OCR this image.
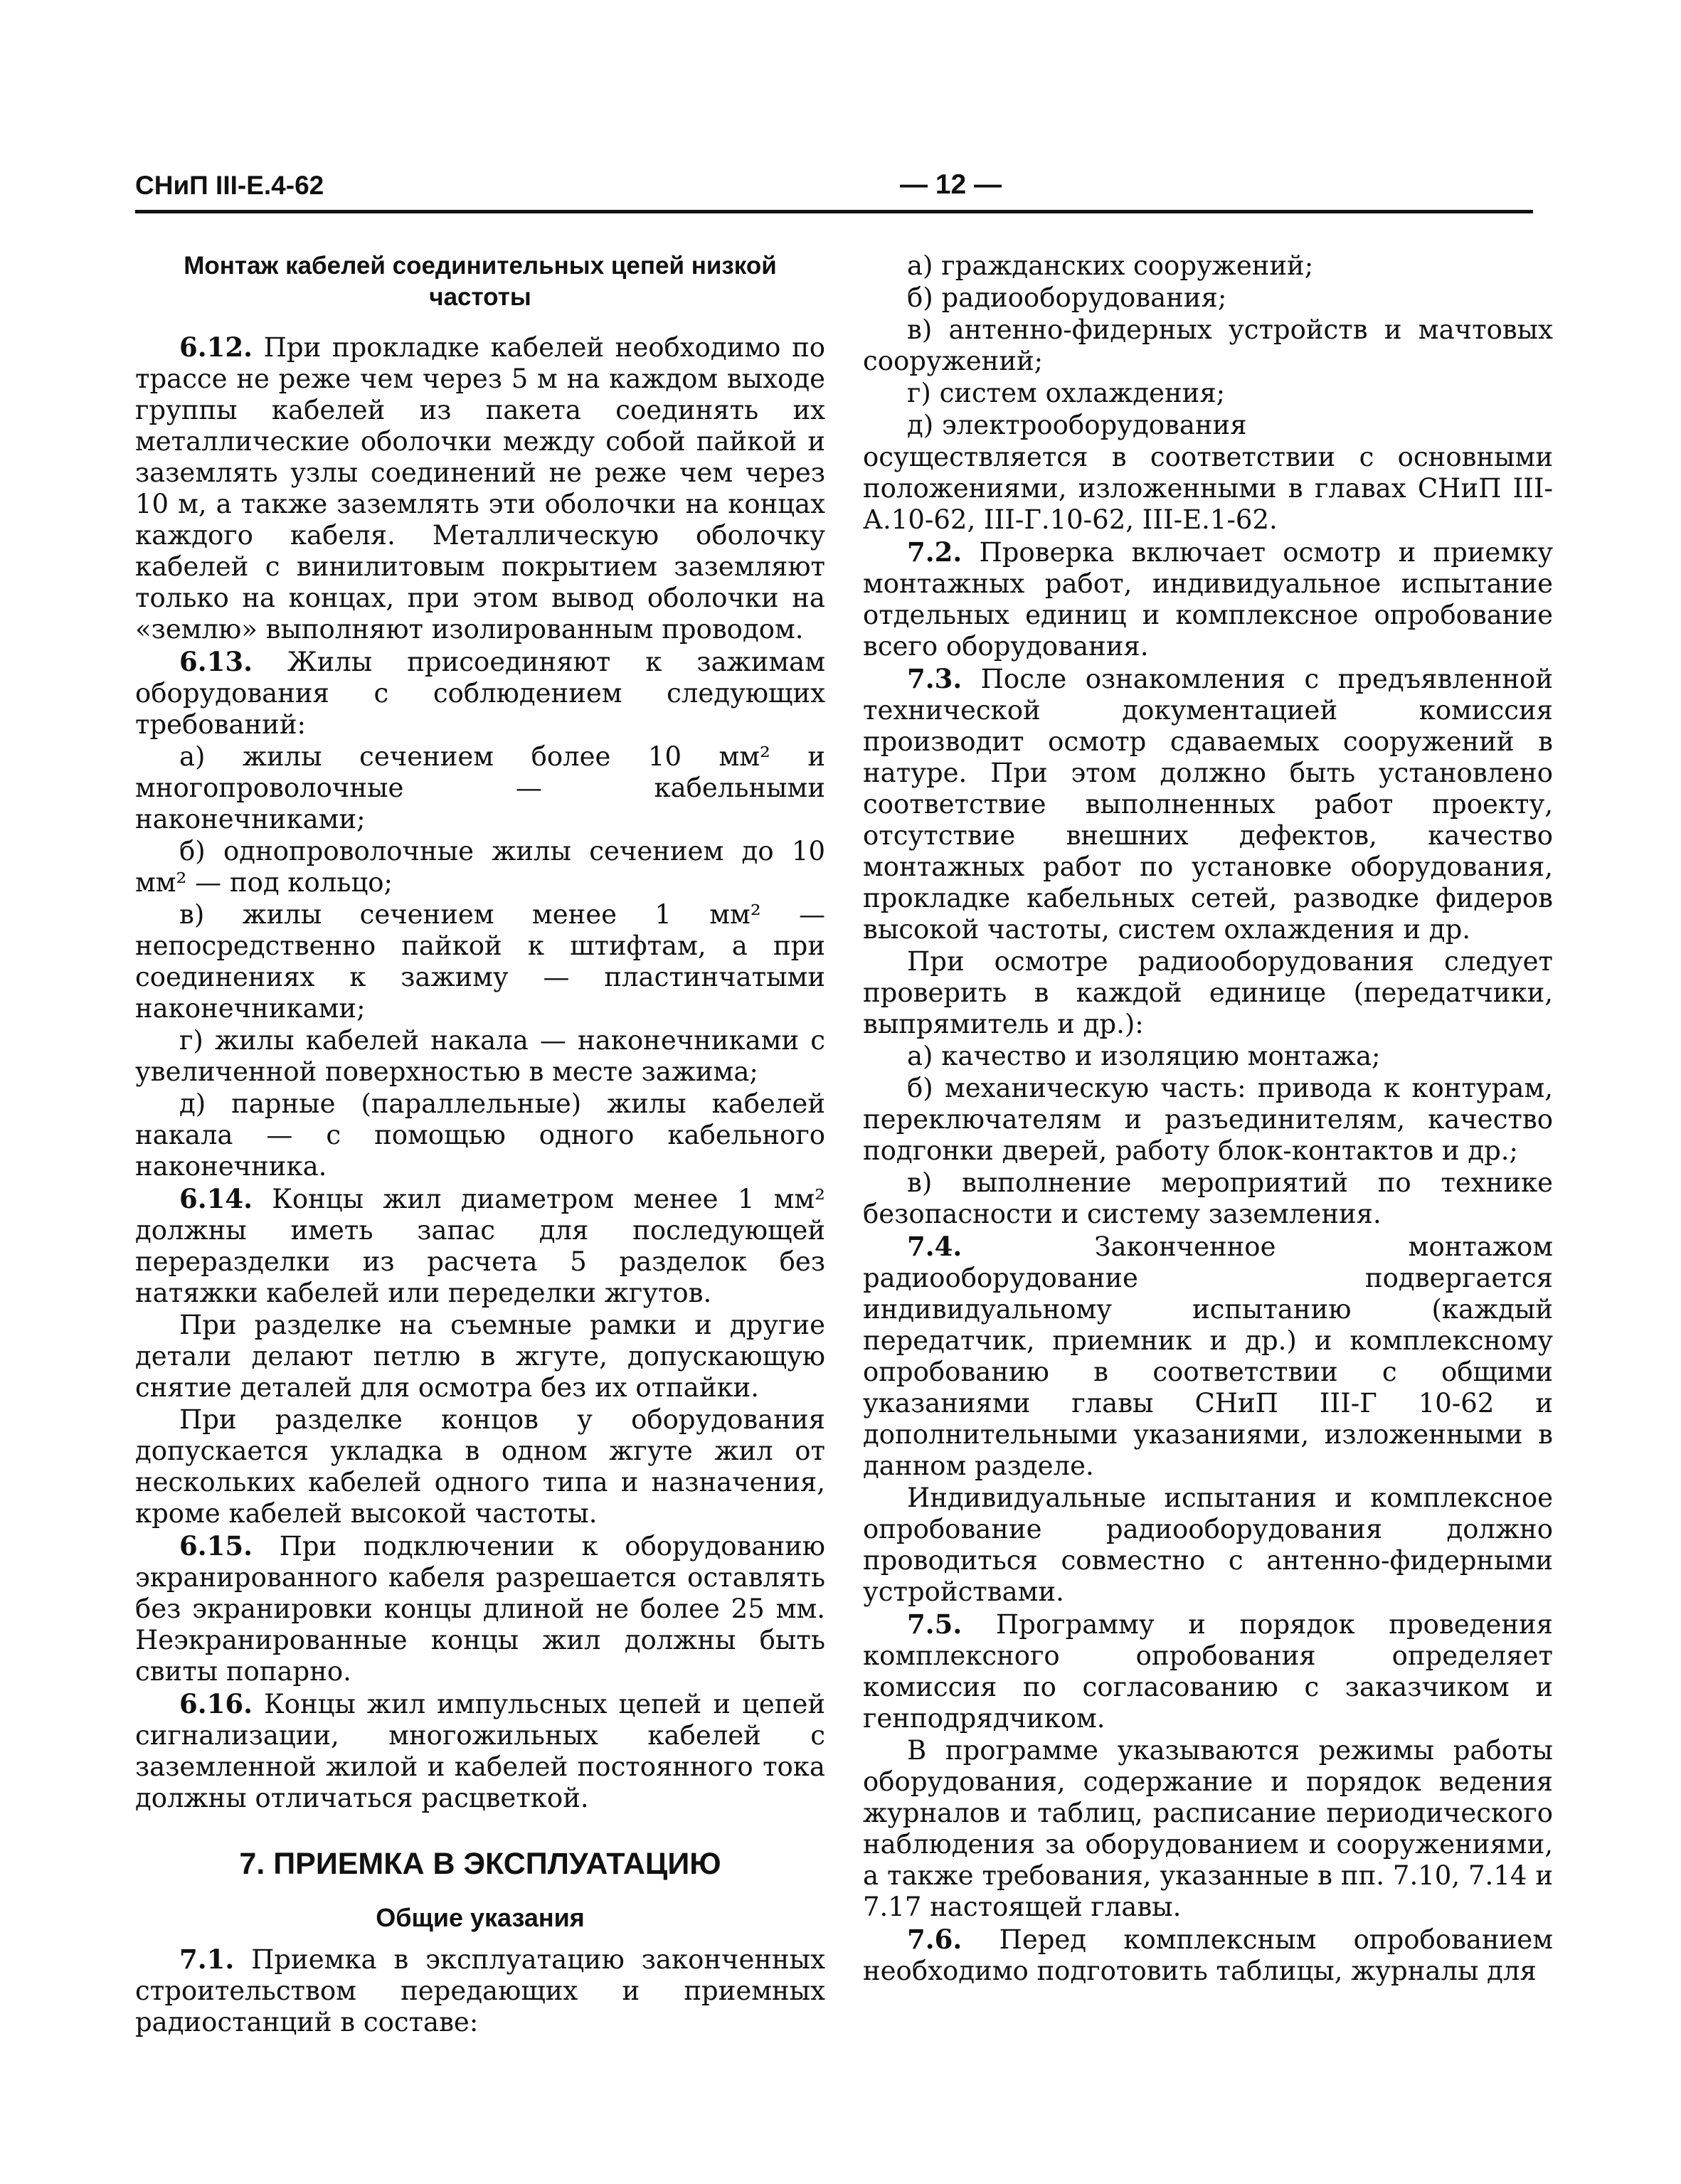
СНиП III-Е.4-62	— 12 —
Монтаж кабелей соединительных цепей низкой частоты

6.12. При прокладке кабелей необходимо по трассе не реже чем через 5 м на каждом выходе группы кабелей из пакета соединять их металлические оболочки между собой пайкой и заземлять узлы соединений не реже чем через 10 м, а также заземлять эти оболочки на концах каждого кабеля. Металлическую оболочку кабелей с винилитовым покрытием заземляют только на концах, при этом вывод оболочки на «землю» выполняют изолированным проводом.

6.13. Жилы присоединяют к зажимам оборудования с соблюдением следующих требований:

а) жилы сечением более 10 мм² и многопроволочные — кабельными наконечниками;

б) однопроволочные жилы сечением до 10 мм² — под кольцо;

в) жилы сечением менее 1 мм² — непосредственно пайкой к штифтам, а при соединениях к зажиму — пластинчатыми наконечниками;

г) жилы кабелей накала — наконечниками с увеличенной поверхностью в месте зажима;

д) парные (параллельные) жилы кабелей накала — с помощью одного кабельного наконечника.

6.14. Концы жил диаметром менее 1 мм² должны иметь запас для последующей переразделки из расчета 5 разделок без натяжки кабелей или переделки жгутов.

При разделке на съемные рамки и другие детали делают петлю в жгуте, допускающую снятие деталей для осмотра без их отпайки.

При разделке концов у оборудования допускается укладка в одном жгуте жил от нескольких кабелей одного типа и назначения, кроме кабелей высокой частоты.

6.15. При подключении к оборудованию экранированного кабеля разрешается оставлять без экранировки концы длиной не более 25 мм. Неэкранированные концы жил должны быть свиты попарно.

6.16. Концы жил импульсных цепей и цепей сигнализации, многожильных кабелей с заземленной жилой и кабелей постоянного тока должны отличаться расцветкой.

7. ПРИЕМКА В ЭКСПЛУАТАЦИЮ
Общие указания

7.1. Приемка в эксплуатацию законченных строительством передающих и приемных радиостанций в составе:

а) гражданских сооружений;

б) радиооборудования;

в) антенно-фидерных устройств и мачтовых сооружений;

г) систем охлаждения;

д) электрооборудования

осуществляется в соответствии с основными положениями, изложенными в главах СНиП III-А.10-62, III-Г.10-62, III-Е.1-62.

7.2. Проверка включает осмотр и приемку монтажных работ, индивидуальное испытание отдельных единиц и комплексное опробование всего оборудования.

7.3. После ознакомления с предъявленной технической документацией комиссия производит осмотр сдаваемых сооружений в натуре. При этом должно быть установлено соответствие выполненных работ проекту, отсутствие внешних дефектов, качество монтажных работ по установке оборудования, прокладке кабельных сетей, разводке фидеров высокой частоты, систем охлаждения и др.

При осмотре радиооборудования следует проверить в каждой единице (передатчики, выпрямитель и др.):

а) качество и изоляцию монтажа;

б) механическую часть: привода к контурам, переключателям и разъединителям, качество подгонки дверей, работу блок-контактов и др.;

в) выполнение мероприятий по технике безопасности и систему заземления.

7.4.	Законченное монтажом радиооборудование подвергается индивидуальному испытанию (каждый передатчик, приемник и др.) и комплексному опробованию в соответствии с общими указаниями главы СНиП III-Г 10-62 и дополнительными указаниями, изложенными в данном разделе.

Индивидуальные испытания и комплексное опробование радиооборудования должно проводиться совместно с антенно-фидерными устройствами.

7.5. Программу и порядок проведения комплексного опробования определяет комиссия по согласованию с заказчиком и генподрядчиком.

В программе указываются режимы работы оборудования, содержание и порядок ведения журналов и таблиц, расписание периодического наблюдения за оборудованием и сооружениями, а также требования, указанные в пп. 7.10, 7.14 и 7.17 настоящей главы.

7.6. Перед комплексным опробованием необходимо подготовить таблицы, журналы для
